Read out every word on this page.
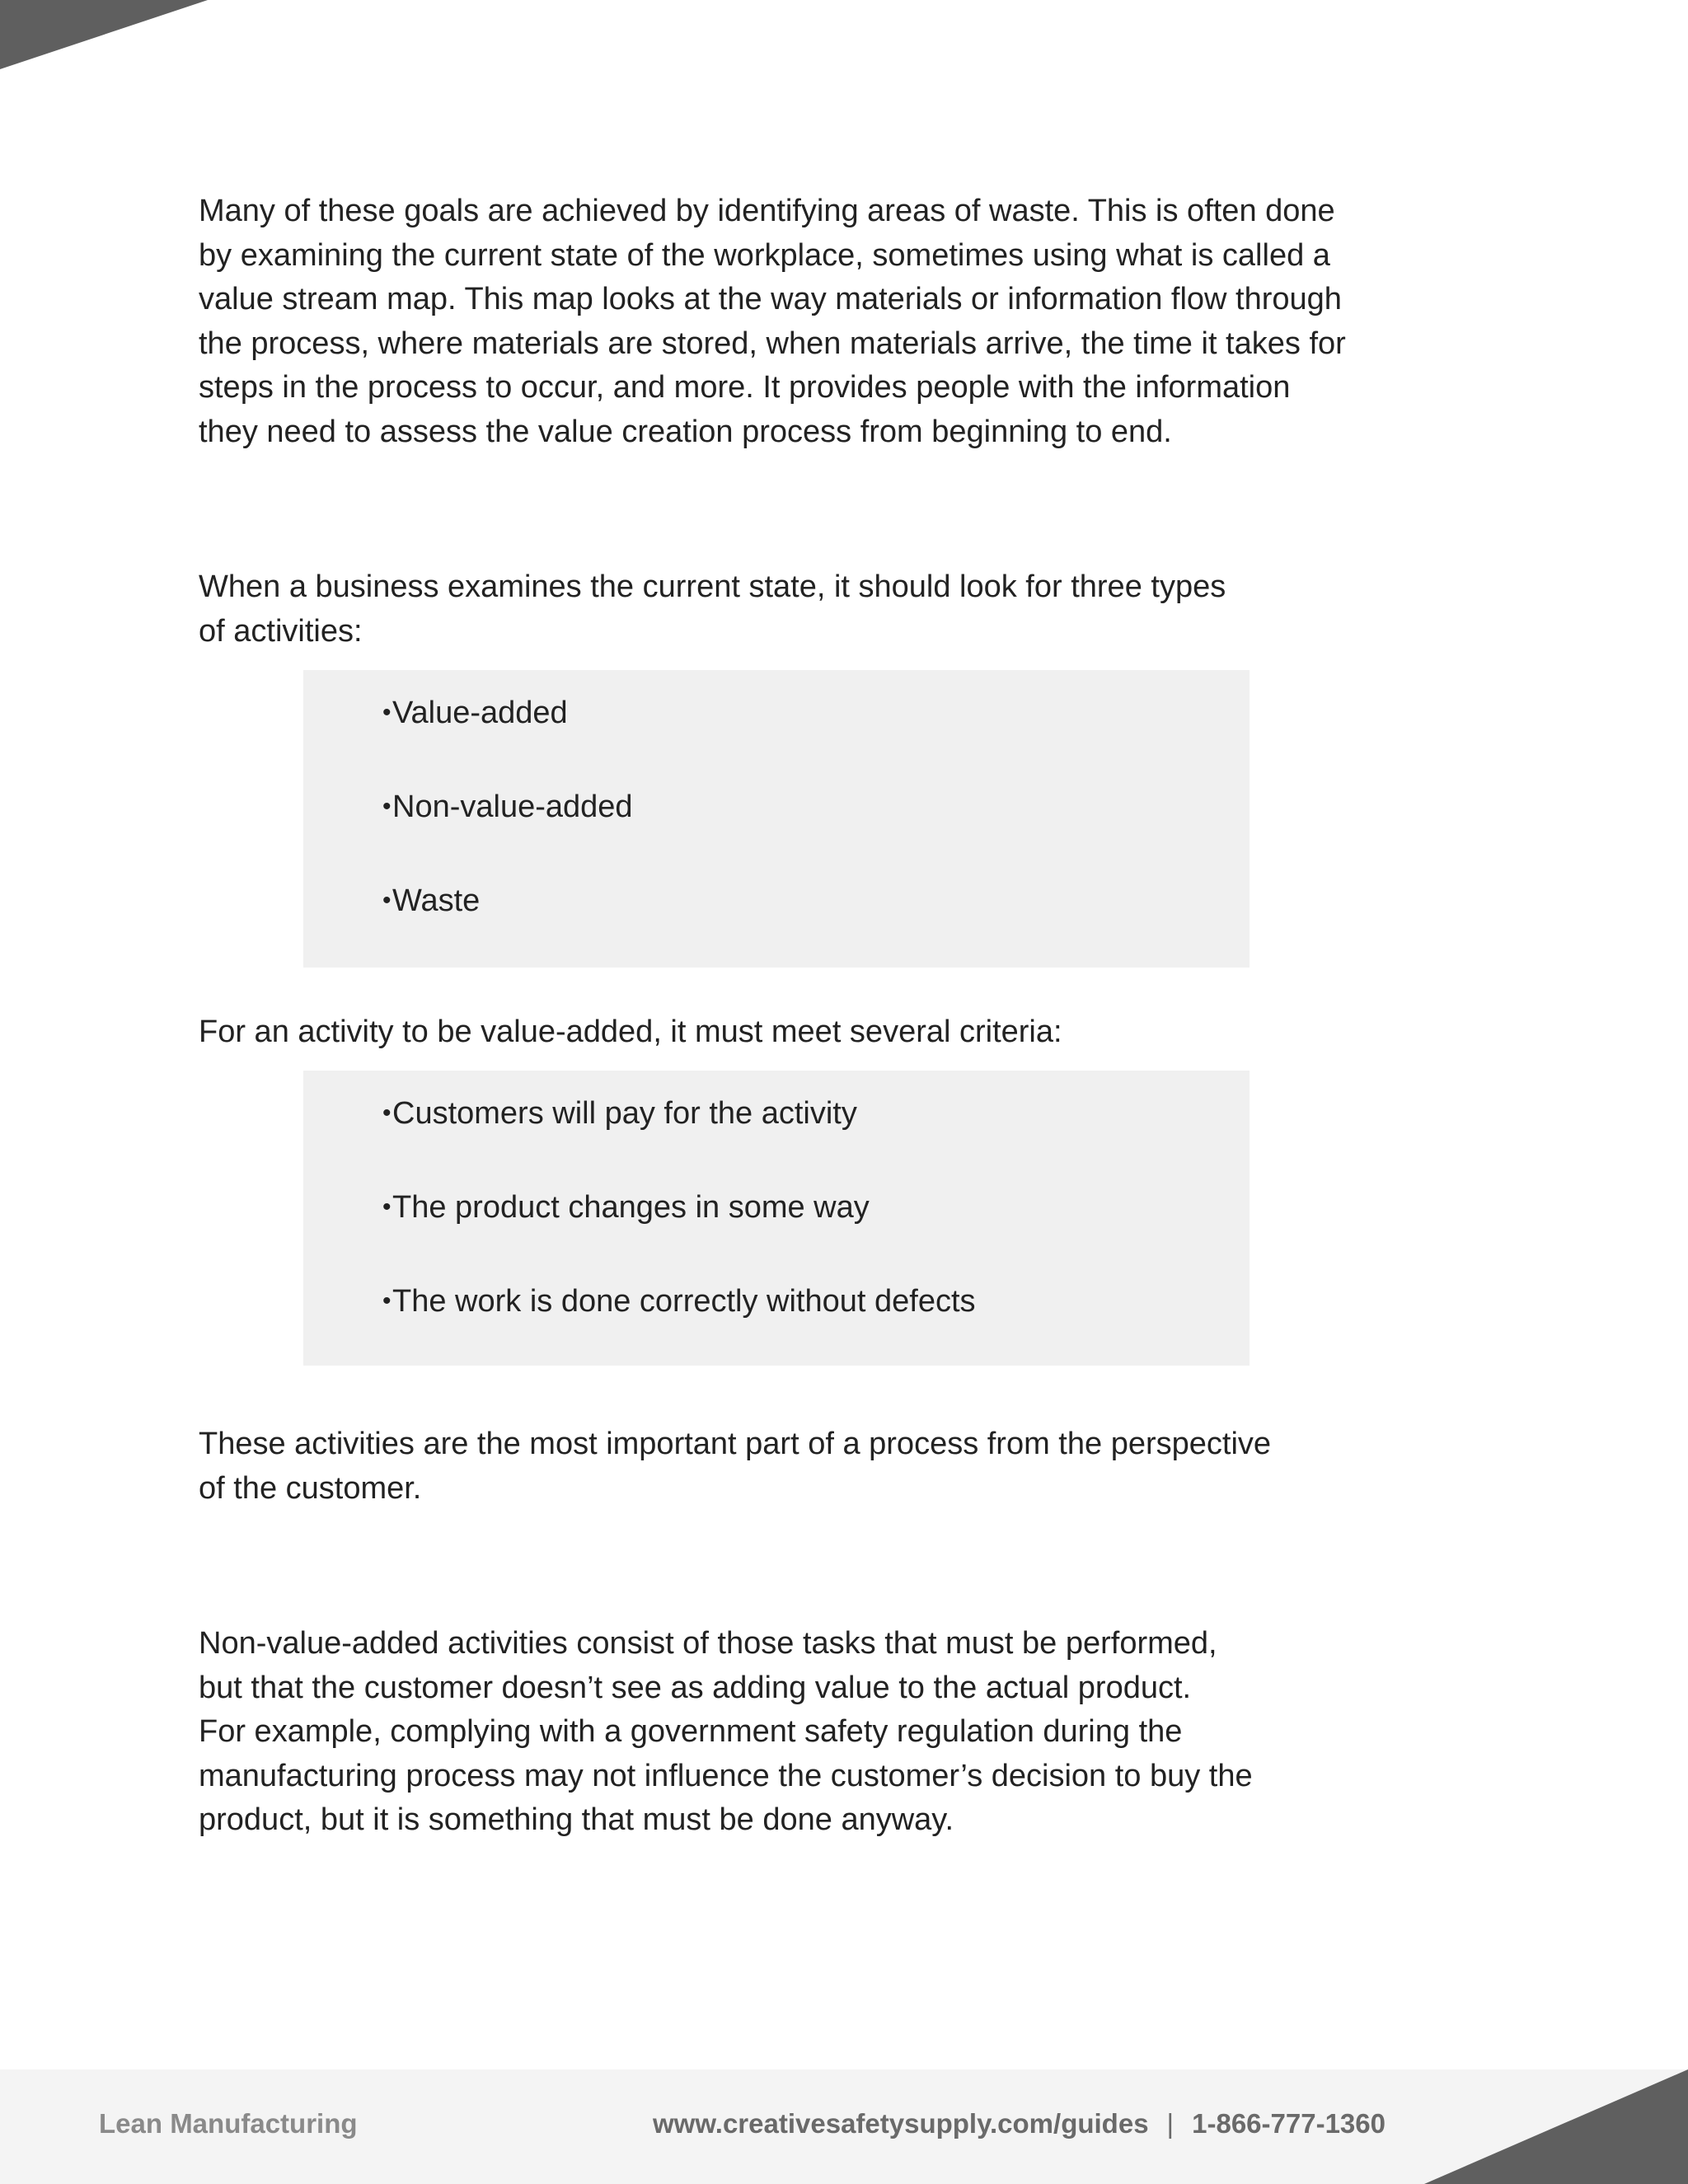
Many of these goals are achieved by identifying areas of waste. This is often done
by examining the current state of the workplace, sometimes using what is called a
value stream map. This map looks at the way materials or information flow through
the process, where materials are stored, when materials arrive, the time it takes for
steps in the process to occur, and more. It provides people with the information
they need to assess the value creation process from beginning to end.

When a business examines the current state, it should look for three types
of activities:

•Value-added
•Non-value-added
•Waste

For an activity to be value-added, it must meet several criteria:

•Customers will pay for the activity
•The product changes in some way
•The work is done correctly without defects

These activities are the most important part of a process from the perspective
of the customer.

Non-value-added activities consist of those tasks that must be performed,
but that the customer doesn’t see as adding value to the actual product.
For example, complying with a government safety regulation during the
manufacturing process may not influence the customer’s decision to buy the
product, but it is something that must be done anyway.

Lean Manufacturing	www.creativesafetysupply.com/guides | 1-866-777-1360
